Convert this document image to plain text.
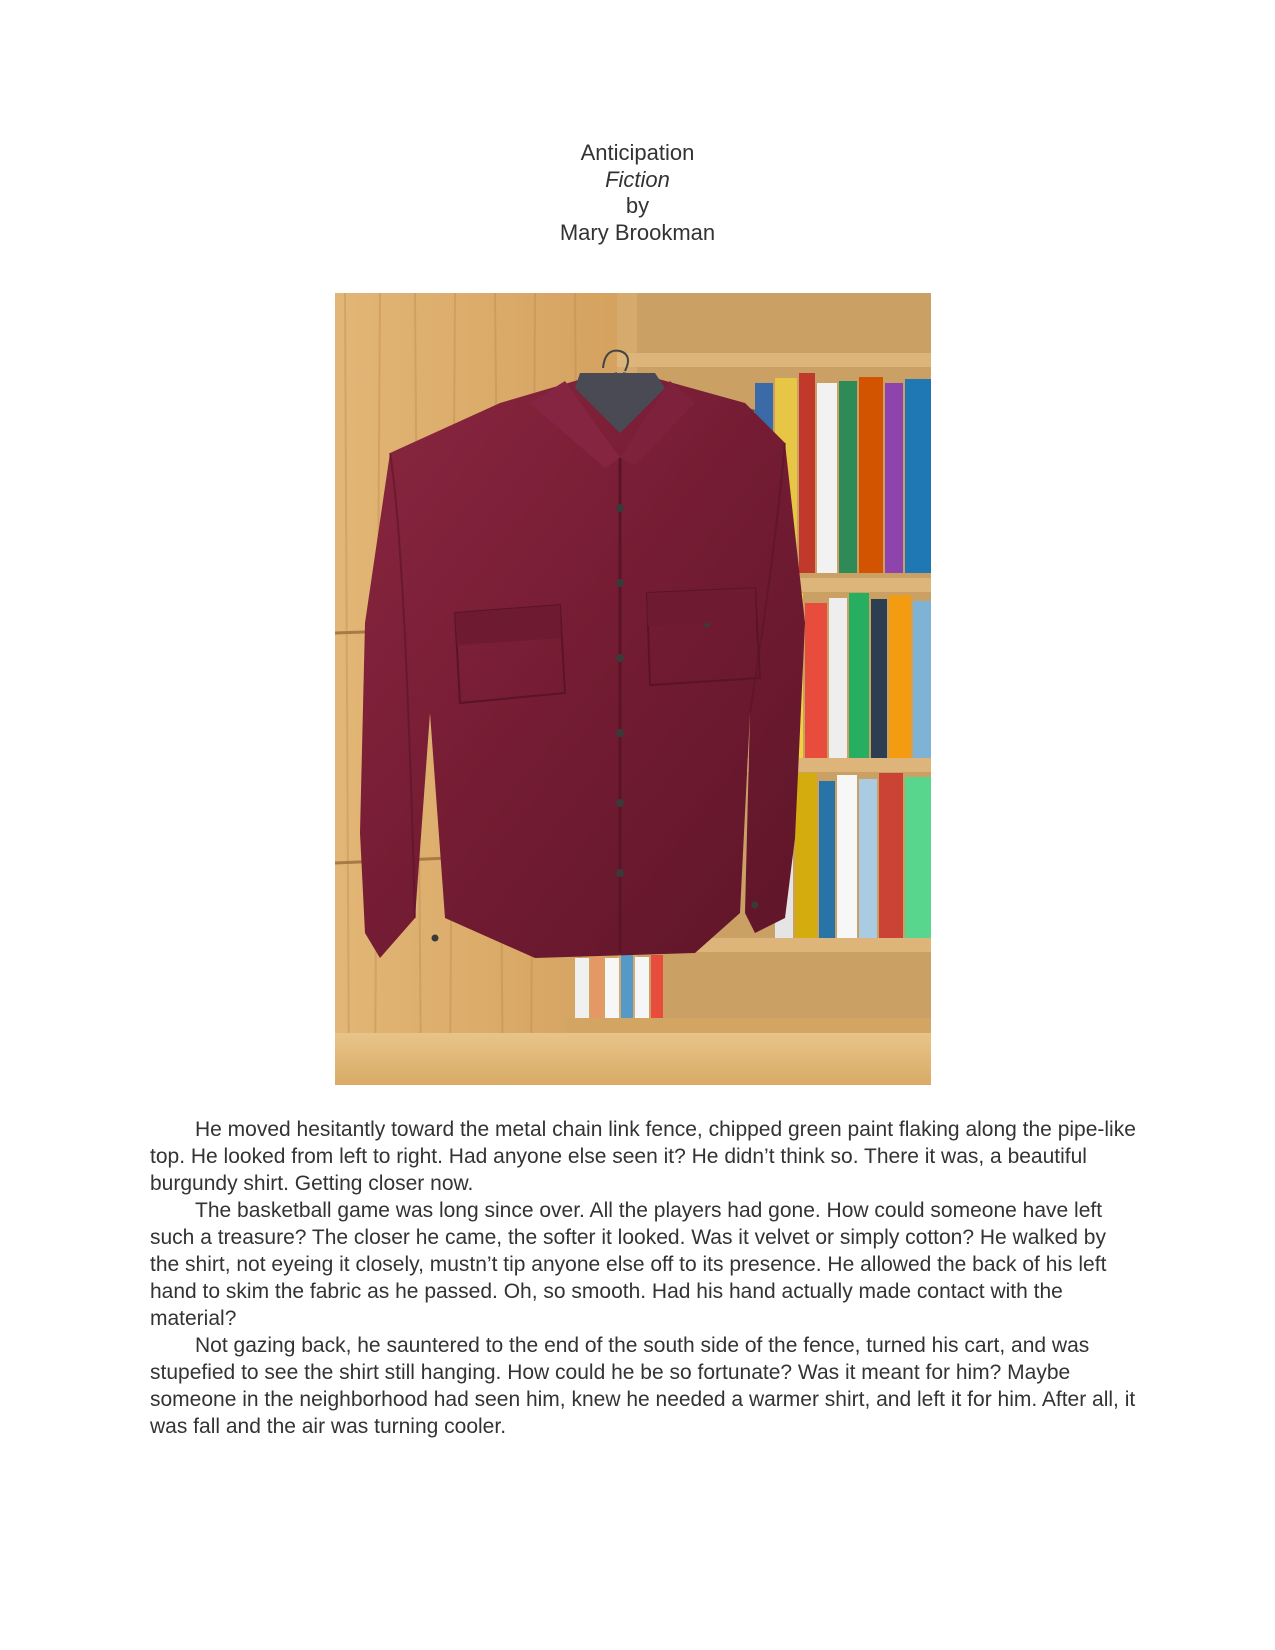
Anticipation
Fiction
by
Mary Brookman

He moved hesitantly toward the metal chain link fence, chipped green paint flaking along the pipe-like top. He looked from left to right. Had anyone else seen it? He didn’t think so. There it was, a beautiful burgundy shirt. Getting closer now.

The basketball game was long since over. All the players had gone. How could someone have left such a treasure? The closer he came, the softer it looked. Was it velvet or simply cotton? He walked by the shirt, not eyeing it closely, mustn’t tip anyone else off to its presence. He allowed the back of his left hand to skim the fabric as he passed. Oh, so smooth. Had his hand actually made contact with the material?

Not gazing back, he sauntered to the end of the south side of the fence, turned his cart, and was stupefied to see the shirt still hanging. How could he be so fortunate? Was it meant for him? Maybe someone in the neighborhood had seen him, knew he needed a warmer shirt, and left it for him. After all, it was fall and the air was turning cooler.
